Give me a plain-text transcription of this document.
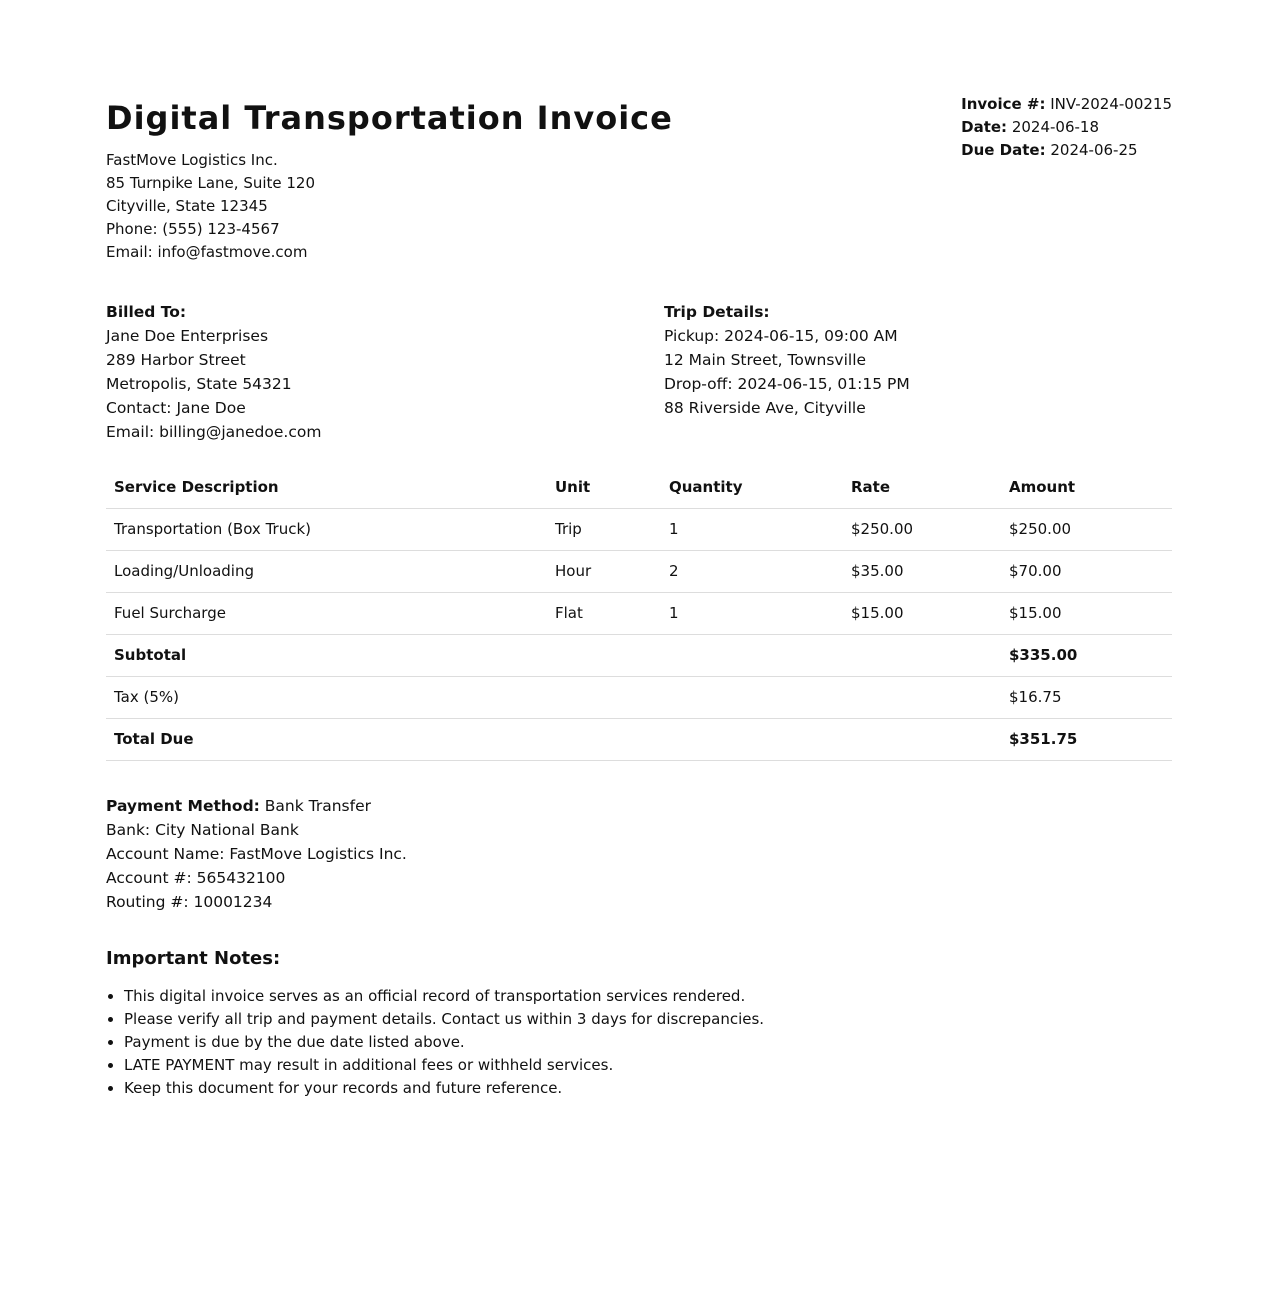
Digital Transportation Invoice
FastMove Logistics Inc.
85 Turnpike Lane, Suite 120
Cityville, State 12345
Phone: (555) 123-4567
Email: info@fastmove.com
Invoice #: INV-2024-00215
Date: 2024-06-18
Due Date: 2024-06-25
Billed To:
Jane Doe Enterprises
289 Harbor Street
Metropolis, State 54321
Contact: Jane Doe
Email: billing@janedoe.com
Trip Details:
Pickup: 2024-06-15, 09:00 AM
12 Main Street, Townsville
Drop-off: 2024-06-15, 01:15 PM
88 Riverside Ave, Cityville
Service Description	Unit	Quantity	Rate	Amount
Transportation (Box Truck)	Trip	1	$250.00	$250.00
Loading/Unloading	Hour	2	$35.00	$70.00
Fuel Surcharge	Flat	1	$15.00	$15.00
Subtotal				$335.00
Tax (5%)				$16.75
Total Due				$351.75
Payment Method: Bank Transfer
Bank: City National Bank
Account Name: FastMove Logistics Inc.
Account #: 565432100
Routing #: 10001234
Important Notes:
• This digital invoice serves as an official record of transportation services rendered.
• Please verify all trip and payment details. Contact us within 3 days for discrepancies.
• Payment is due by the due date listed above.
• LATE PAYMENT may result in additional fees or withheld services.
• Keep this document for your records and future reference.
